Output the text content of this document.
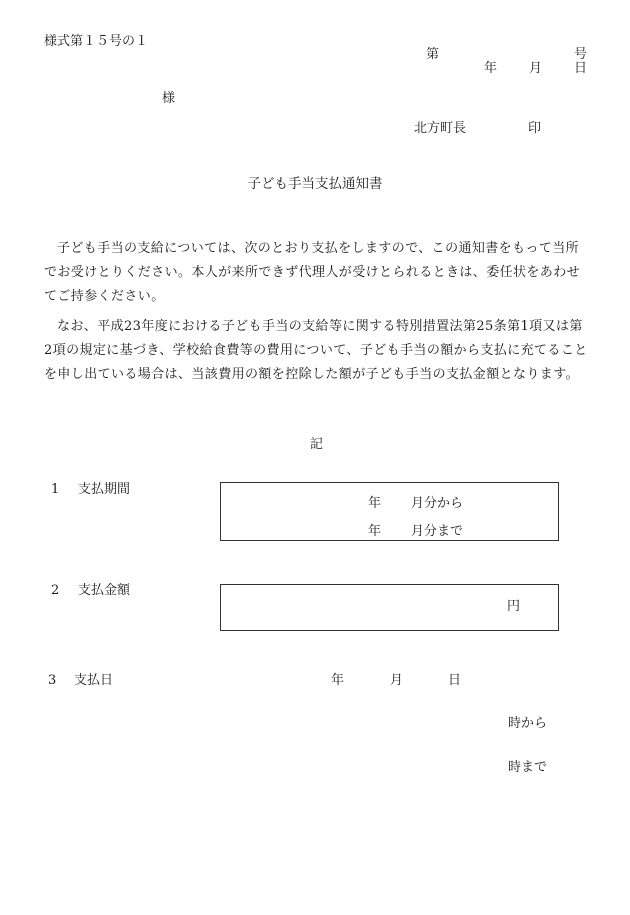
様式第１５号の１
第	号
年 月 日
様
北方町長	印
子ども手当支払通知書
子ども手当の支給については、次のとおり支払をしますので、この通知書をもって当所でお受けとりください。本人が来所できず代理人が受けとられるときは、委任状をあわせてご持参ください。
なお、平成23年度における子ども手当の支給等に関する特別措置法第25条第1項又は第2項の規定に基づき、学校給食費等の費用について、子ども手当の額から支払に充てることを申し出ている場合は、当該費用の額を控除した額が子ども手当の支払金額となります。
記
1 支払期間
年 月分から
年 月分まで
2 支払金額
円
3 支払日	年	月	日
時から
時まで
